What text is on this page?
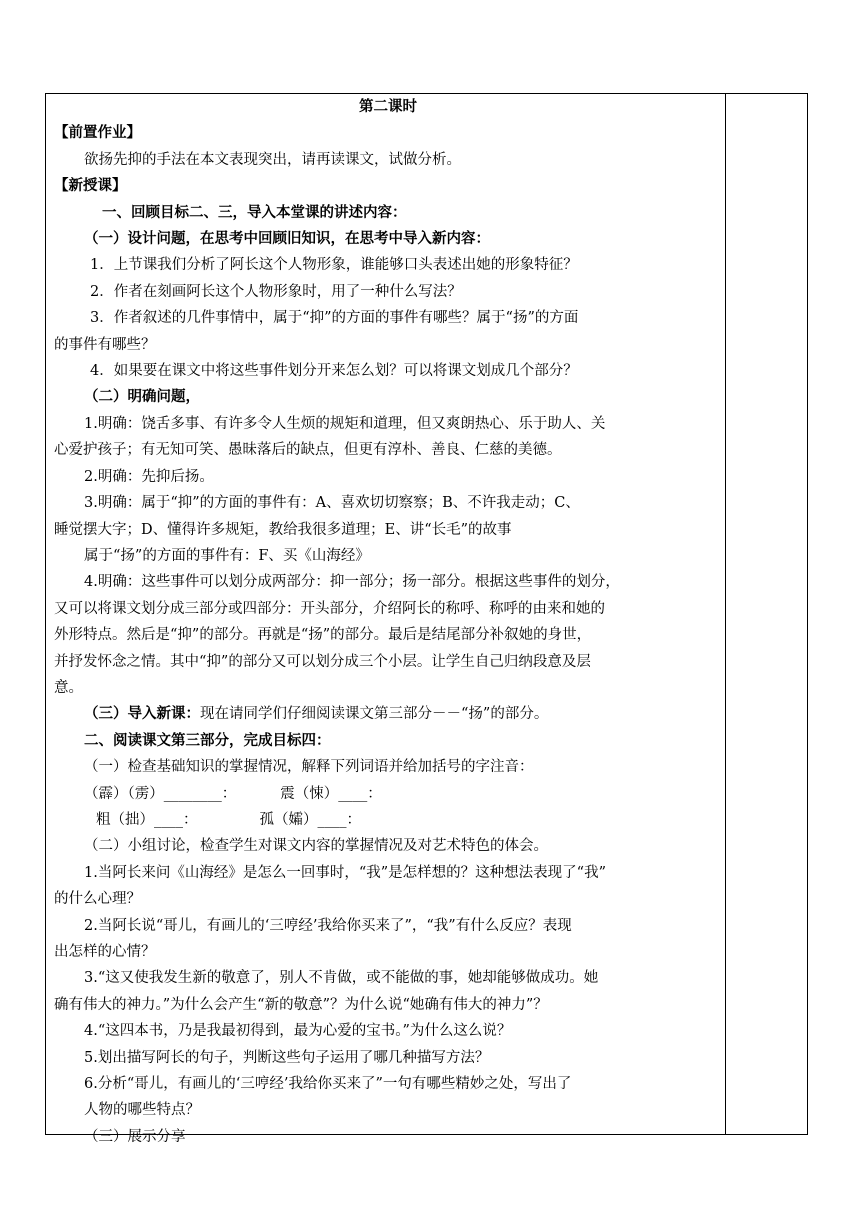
第二课时
【前置作业】
欲扬先抑的手法在本文表现突出，请再读课文，试做分析。
【新授课】
一、回顾目标二、三，导入本堂课的讲述内容：
（一）设计问题，在思考中回顾旧知识，在思考中导入新内容：
1．上节课我们分析了阿长这个人物形象，谁能够口头表述出她的形象特征？
2．作者在刻画阿长这个人物形象时，用了一种什么写法？
3．作者叙述的几件事情中，属于“抑”的方面的事件有哪些？属于“扬”的方面
的事件有哪些？
4．如果要在课文中将这些事件划分开来怎么划？可以将课文划成几个部分？
（二）明确问题，
1.明确：饶舌多事、有许多令人生烦的规矩和道理，但又爽朗热心、乐于助人、关
心爱护孩子；有无知可笑、愚昧落后的缺点，但更有淳朴、善良、仁慈的美德。
2.明确：先抑后扬。
3.明确：属于“抑”的方面的事件有：A、喜欢切切察察；B、不许我走动；C、
睡觉摆大字；D、懂得许多规矩，教给我很多道理；E、讲“长毛”的故事
属于“扬”的方面的事件有：F、买《山海经》
4.明确：这些事件可以划分成两部分：抑一部分；扬一部分。根据这些事件的划分，
又可以将课文划分成三部分或四部分：开头部分，介绍阿长的称呼、称呼的由来和她的
外形特点。然后是“抑”的部分。再就是“扬”的部分。最后是结尾部分补叙她的身世，
并抒发怀念之情。其中“抑”的部分又可以划分成三个小层。让学生自己归纳段意及层
意。
（三）导入新课：现在请同学们仔细阅读课文第三部分－－“扬”的部分。
二、阅读课文第三部分，完成目标四：
（一）检查基础知识的掌握情况，解释下列词语并给加括号的字注音：
（霹）（雳）________：	震（悚）____：
粗（拙）____：	孤（孀）____：
（二）小组讨论，检查学生对课文内容的掌握情况及对艺术特色的体会。
1.当阿长来问《山海经》是怎么一回事时，“我”是怎样想的？这种想法表现了“我”
的什么心理？
2.当阿长说“哥儿，有画儿的‘三哼经’我给你买来了”，“我”有什么反应？表现
出怎样的心情？
3.“这又使我发生新的敬意了，别人不肯做，或不能做的事，她却能够做成功。她
确有伟大的神力。”为什么会产生“新的敬意”？为什么说“她确有伟大的神力”？
4.“这四本书，乃是我最初得到，最为心爱的宝书。”为什么这么说？
5.划出描写阿长的句子，判断这些句子运用了哪几种描写方法？
6.分析“哥儿，有画儿的‘三哼经’我给你买来了”一句有哪些精妙之处，写出了
人物的哪些特点？
（三）展示分享
